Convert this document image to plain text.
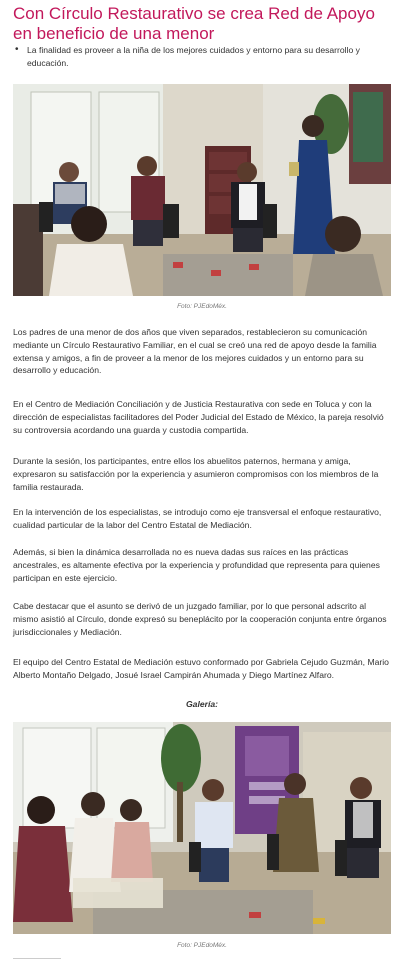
Con Círculo Restaurativo se crea Red de Apoyo en beneficio de una menor
• La finalidad es proveer a la niña de los mejores cuidados y entorno para su desarrollo y educación.
Foto: PJEdoMéx.

Los padres de una menor de dos años que viven separados, restablecieron su comunicación mediante un Círculo Restaurativo Familiar, en el cual se creó una red de apoyo desde la familia extensa y amigos, a fin de proveer a la menor de los mejores cuidados y un entorno para su desarrollo y educación.

En el Centro de Mediación Conciliación y de Justicia Restaurativa con sede en Toluca y con la dirección de especialistas facilitadores del Poder Judicial del Estado de México, la pareja resolvió su controversia acordando una guarda y custodia compartida.

Durante la sesión, los participantes, entre ellos los abuelitos paternos, hermana y amiga, expresaron su satisfacción por la experiencia y asumieron compromisos con los miembros de la familia restaurada.

En la intervención de los especialistas, se introdujo como eje transversal el enfoque restaurativo, cualidad particular de la labor del Centro Estatal de Mediación.

Además, si bien la dinámica desarrollada no es nueva dadas sus raíces en las prácticas ancestrales, es altamente efectiva por la experiencia y profundidad que representa para quienes participan en este ejercicio.

Cabe destacar que el asunto se derivó de un juzgado familiar, por lo que personal adscrito al mismo asistió al Círculo, donde expresó su beneplácito por la cooperación conjunta entre órganos jurisdiccionales y Mediación.

El equipo del Centro Estatal de Mediación estuvo conformado por Gabriela Cejudo Guzmán, Mario Alberto Montaño Delgado, Josué Israel Campirán Ahumada y Diego Martínez Alfaro.

Galería:
Foto: PJEdoMéx.
